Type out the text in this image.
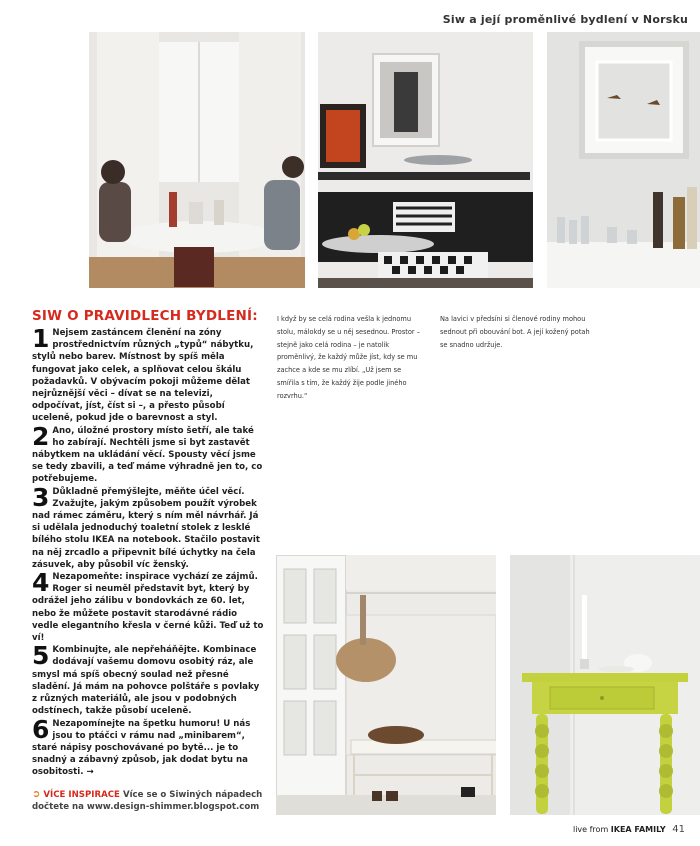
Siw a její proměnlivé bydlení v Norsku
SIW O PRAVIDLECH BYDLENÍ:

1 Nejsem zastáncem členění na zóny prostřednictvím různých „typů“ nábytku, stylů nebo barev. Místnost by spíš měla fungovat jako celek, a splňovat celou škálu požadavků. V obývacím pokoji můžeme dělat nejrůznější věci – dívat se na televizi, odpočívat, jíst, číst si –, a přesto působí uceleně, pokud jde o barevnost a styl.

2 Ano, úložné prostory místo šetří, ale také ho zabírají. Nechtěli jsme si byt zastavět nábytkem na ukládání věcí. Spousty věcí jsme se tedy zbavili, a teď máme výhradně jen to, co potřebujeme.

3 Důkladně přemýšlejte, měňte účel věcí. Zvažujte, jakým způsobem použít výrobek nad rámec záměru, který s ním měl návrhář. Já si udělala jednoduchý toaletní stolek z lesklé bílého stolu IKEA na notebook. Stačilo postavit na něj zrcadlo a připevnit bílé úchytky na čela zásuvek, aby působil víc ženský.

4 Nezapomeňte: inspirace vychází ze zájmů. Roger si neuměl představit byt, který by odrážel jeho zálibu v bondovkách ze 60. let, nebo že můžete postavit starodávné rádio vedle elegantního křesla v černé kůži. Teď už to ví!

5 Kombinujte, ale nepřeháňějte. Kombinace dodávají vašemu domovu osobitý ráz, ale smysl má spíš obecný soulad než přesné sladění. Já mám na pohovce polštáře s povlaky z různých materiálů, ale jsou v podobných odstínech, takže působí uceleně.

6 Nezapomínejte na špetku humoru! U nás jsou to ptáčci v rámu nad „minibarem“, staré nápisy poschovávané po bytě... je to snadný a zábavný způsob, jak dodat bytu na osobitosti. →

➲ VÍCE INSPIRACE Více se o Siwiných nápadech dočtete na www.design-shimmer.blogspot.com
I když by se celá rodina vešla k jednomu stolu, málokdy se u něj sesednou. Prostor – stejně jako celá rodina – je natolik proměnlivý, že každý může jíst, kdy se mu zachce a kde se mu zlíbí. „Už jsem se smířila s tím, že každý žije podle jiného rozvrhu.“
Na lavici v předsíni si členové rodiny mohou sednout při obouvání bot. A její kožený potah se snadno udržuje.
live from IKEA FAMILY 41
